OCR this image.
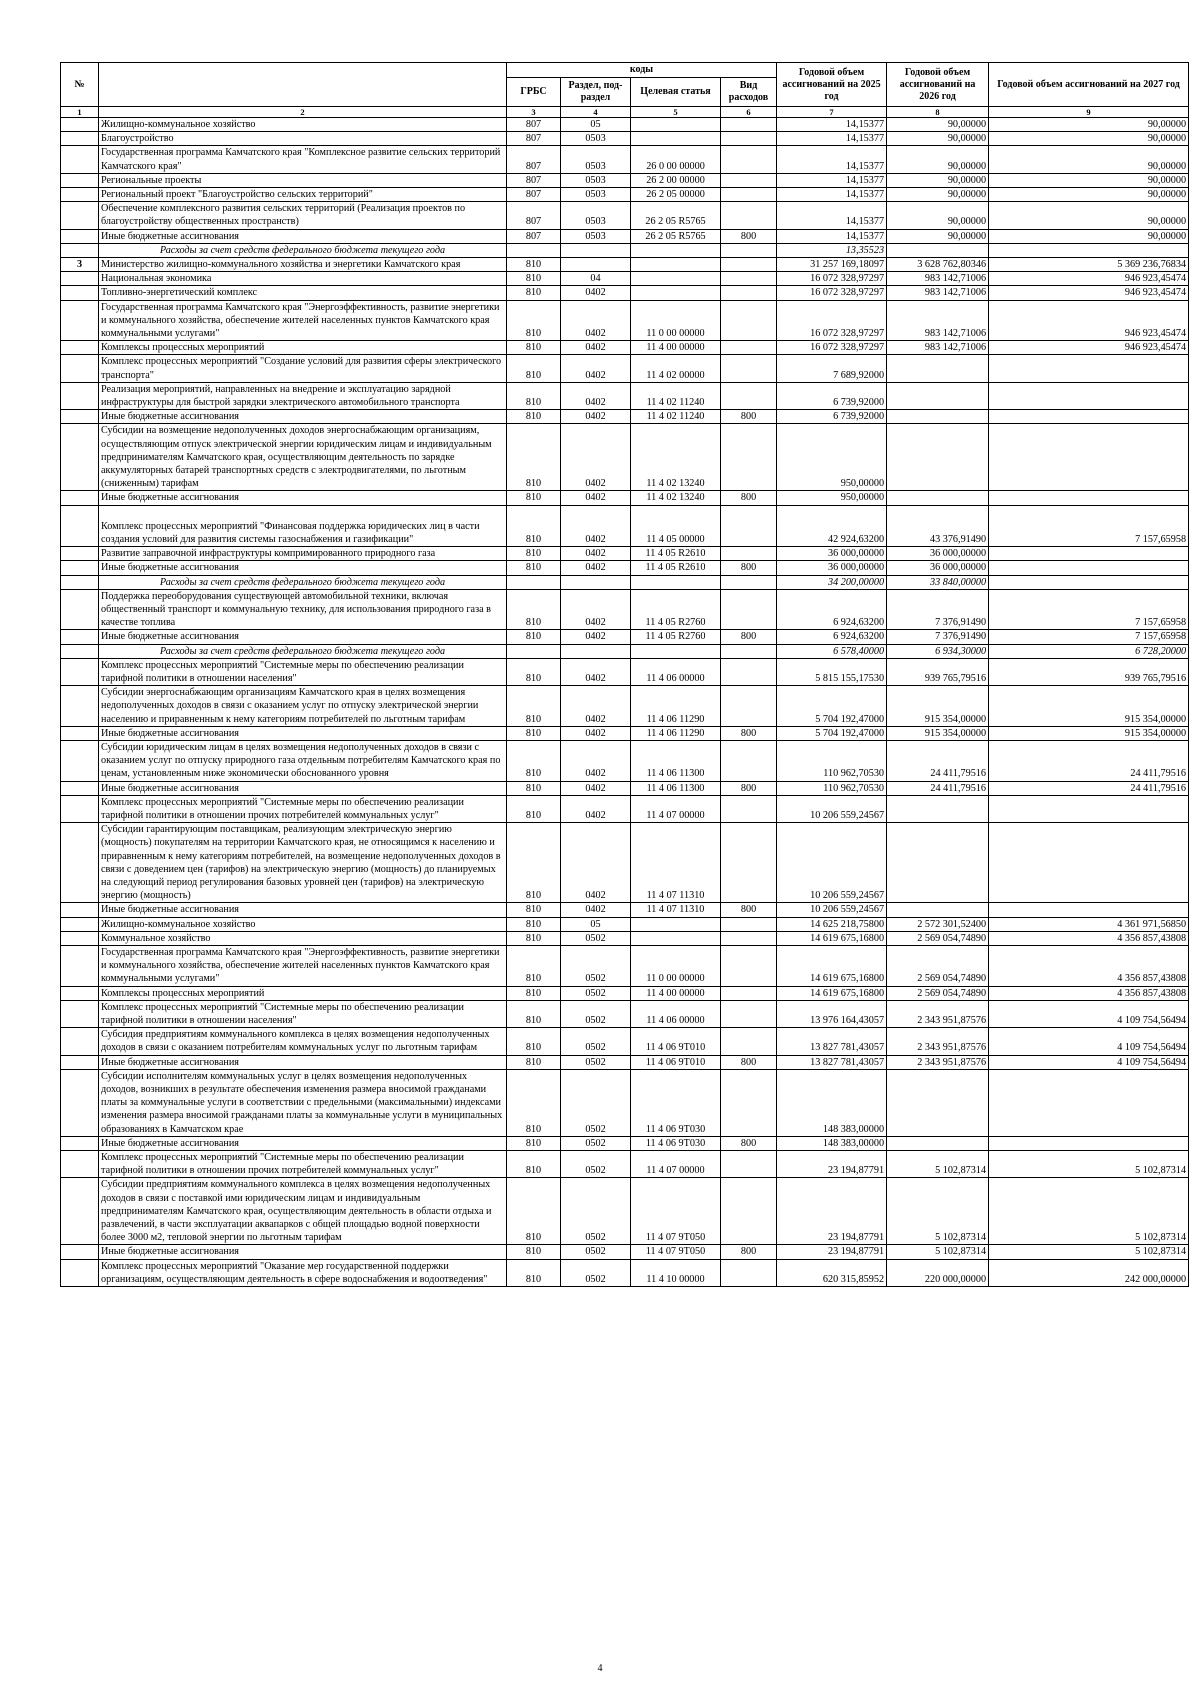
№		коды				Годовой объем ассигнований на 2025 год	Годовой объем ассигнований на 2026 год	Годовой объем ассигнований на 2027 год
		ГРБС	Раздел, под-раздел	Целевая статья	Вид расходов			
1	2	3	4	5	6	7	8	9
	Жилищно-коммунальное хозяйство	807	05			14,15377	90,00000	90,00000
	Благоустройство	807	0503			14,15377	90,00000	90,00000
	Государственная программа Камчатского края "Комплексное развитие сельских территорий Камчатского края"	807	0503	26 0 00 00000		14,15377	90,00000	90,00000
	Региональные проекты	807	0503	26 2 00 00000		14,15377	90,00000	90,00000
	Региональный проект "Благоустройство сельских территорий"	807	0503	26 2 05 00000		14,15377	90,00000	90,00000
	Обеспечение комплексного развития сельских территорий (Реализация проектов по благоустройству общественных пространств)	807	0503	26 2 05 R5765		14,15377	90,00000	90,00000
	Иные бюджетные ассигнования	807	0503	26 2 05 R5765	800	14,15377	90,00000	90,00000
	Расходы за счет средств федерального бюджета текущего года					13,35523		
3	Министерство жилищно-коммунального хозяйства и энергетики Камчатского края	810				31 257 169,18097	3 628 762,80346	5 369 236,76834
	Национальная экономика	810	04			16 072 328,97297	983 142,71006	946 923,45474
	Топливно-энергетический комплекс	810	0402			16 072 328,97297	983 142,71006	946 923,45474
	Государственная программа Камчатского края "Энергоэффективность, развитие энергетики и коммунального хозяйства, обеспечение жителей населенных пунктов Камчатского края коммунальными услугами"	810	0402	11 0 00 00000		16 072 328,97297	983 142,71006	946 923,45474
	Комплексы процессных мероприятий	810	0402	11 4 00 00000		16 072 328,97297	983 142,71006	946 923,45474
	Комплекс процессных мероприятий "Создание условий для развития сферы электрического транспорта"	810	0402	11 4 02 00000		7 689,92000		
	Реализация мероприятий, направленных на внедрение и эксплуатацию зарядной инфраструктуры для быстрой зарядки электрического автомобильного транспорта	810	0402	11 4 02 11240		6 739,92000		
	Иные бюджетные ассигнования	810	0402	11 4 02 11240	800	6 739,92000		
	Субсидии на возмещение недополученных доходов энергоснабжающим организациям, осуществляющим отпуск электрической энергии юридическим лицам и индивидуальным предпринимателям Камчатского края, осуществляющим деятельность по зарядке аккумуляторных батарей транспортных средств с электродвигателями, по льготным (сниженным) тарифам	810	0402	11 4 02 13240		950,00000		
	Иные бюджетные ассигнования	810	0402	11 4 02 13240	800	950,00000		
	Комплекс процессных мероприятий "Финансовая поддержка юридических лиц в части создания условий для развития системы газоснабжения и газификации"	810	0402	11 4 05 00000		42 924,63200	43 376,91490	7 157,65958
	Развитие заправочной инфраструктуры компримированного природного газа	810	0402	11 4 05 R2610		36 000,00000	36 000,00000	
	Иные бюджетные ассигнования	810	0402	11 4 05 R2610	800	36 000,00000	36 000,00000	
	Расходы за счет средств федерального бюджета текущего года					34 200,00000	33 840,00000	
	Поддержка переоборудования существующей автомобильной техники, включая общественный транспорт и коммунальную технику, для использования природного газа в качестве топлива	810	0402	11 4 05 R2760		6 924,63200	7 376,91490	7 157,65958
	Иные бюджетные ассигнования	810	0402	11 4 05 R2760	800	6 924,63200	7 376,91490	7 157,65958
	Расходы за счет средств федерального бюджета текущего года					6 578,40000	6 934,30000	6 728,20000
	Комплекс процессных мероприятий "Системные меры по обеспечению реализации тарифной политики в отношении населения"	810	0402	11 4 06 00000		5 815 155,17530	939 765,79516	939 765,79516
	Субсидии энергоснабжающим организациям Камчатского края в целях возмещения недополученных доходов в связи с оказанием услуг по отпуску электрической энергии населению и приравненным к нему категориям потребителей по льготным тарифам	810	0402	11 4 06 11290		5 704 192,47000	915 354,00000	915 354,00000
	Иные бюджетные ассигнования	810	0402	11 4 06 11290	800	5 704 192,47000	915 354,00000	915 354,00000
	Субсидии юридическим лицам в целях возмещения недополученных доходов в связи с оказанием услуг по отпуску природного газа отдельным потребителям Камчатского края по ценам, установленным ниже экономически обоснованного уровня	810	0402	11 4 06 11300		110 962,70530	24 411,79516	24 411,79516
	Иные бюджетные ассигнования	810	0402	11 4 06 11300	800	110 962,70530	24 411,79516	24 411,79516
	Комплекс процессных мероприятий "Системные меры по обеспечению реализации тарифной политики в отношении прочих потребителей коммунальных услуг"	810	0402	11 4 07 00000		10 206 559,24567		
	Субсидии гарантирующим поставщикам, реализующим электрическую энергию (мощность) покупателям на территории Камчатского края, не относящимся к населению и приравненным к нему категориям потребителей, на возмещение недополученных доходов в связи с доведением цен (тарифов) на электрическую энергию (мощность) до планируемых на следующий период регулирования базовых уровней цен (тарифов) на электрическую энергию (мощность)	810	0402	11 4 07 11310		10 206 559,24567		
	Иные бюджетные ассигнования	810	0402	11 4 07 11310	800	10 206 559,24567		
	Жилищно-коммунальное хозяйство	810	05			14 625 218,75800	2 572 301,52400	4 361 971,56850
	Коммунальное хозяйство	810	0502			14 619 675,16800	2 569 054,74890	4 356 857,43808
	Государственная программа Камчатского края "Энергоэффективность, развитие энергетики и коммунального хозяйства, обеспечение жителей населенных пунктов Камчатского края коммунальными услугами"	810	0502	11 0 00 00000		14 619 675,16800	2 569 054,74890	4 356 857,43808
	Комплексы процессных мероприятий	810	0502	11 4 00 00000		14 619 675,16800	2 569 054,74890	4 356 857,43808
	Комплекс процессных мероприятий "Системные меры по обеспечению реализации тарифной политики в отношении населения"	810	0502	11 4 06 00000		13 976 164,43057	2 343 951,87576	4 109 754,56494
	Субсидия предприятиям коммунального комплекса в целях возмещения недополученных доходов в связи с оказанием потребителям коммунальных услуг по льготным тарифам	810	0502	11 4 06 9Т010		13 827 781,43057	2 343 951,87576	4 109 754,56494
	Иные бюджетные ассигнования	810	0502	11 4 06 9Т010	800	13 827 781,43057	2 343 951,87576	4 109 754,56494
	Субсидии исполнителям коммунальных услуг в целях возмещения недополученных доходов, возникших в результате обеспечения изменения размера вносимой гражданами платы за коммунальные услуги в соответствии с предельными (максимальными) индексами изменения размера вносимой гражданами платы за коммунальные услуги в муниципальных образованиях в Камчатском крае	810	0502	11 4 06 9Т030		148 383,00000		
	Иные бюджетные ассигнования	810	0502	11 4 06 9Т030	800	148 383,00000		
	Комплекс процессных мероприятий "Системные меры по обеспечению реализации тарифной политики в отношении прочих потребителей коммунальных услуг"	810	0502	11 4 07 00000		23 194,87791	5 102,87314	5 102,87314
	Субсидии предприятиям коммунального комплекса в целях возмещения недополученных доходов в связи с поставкой ими юридическим лицам и индивидуальным предпринимателям Камчатского края, осуществляющим деятельность в области отдыха и развлечений, в части эксплуатации аквапарков с общей площадью водной поверхности более 3000 м2, тепловой энергии по льготным тарифам	810	0502	11 4 07 9Т050		23 194,87791	5 102,87314	5 102,87314
	Иные бюджетные ассигнования	810	0502	11 4 07 9Т050	800	23 194,87791	5 102,87314	5 102,87314
	Комплекс процессных мероприятий "Оказание мер государственной поддержки организациям, осуществляющим деятельность в сфере водоснабжения и водоотведения"	810	0502	11 4 10 00000		620 315,85952	220 000,00000	242 000,00000
4
